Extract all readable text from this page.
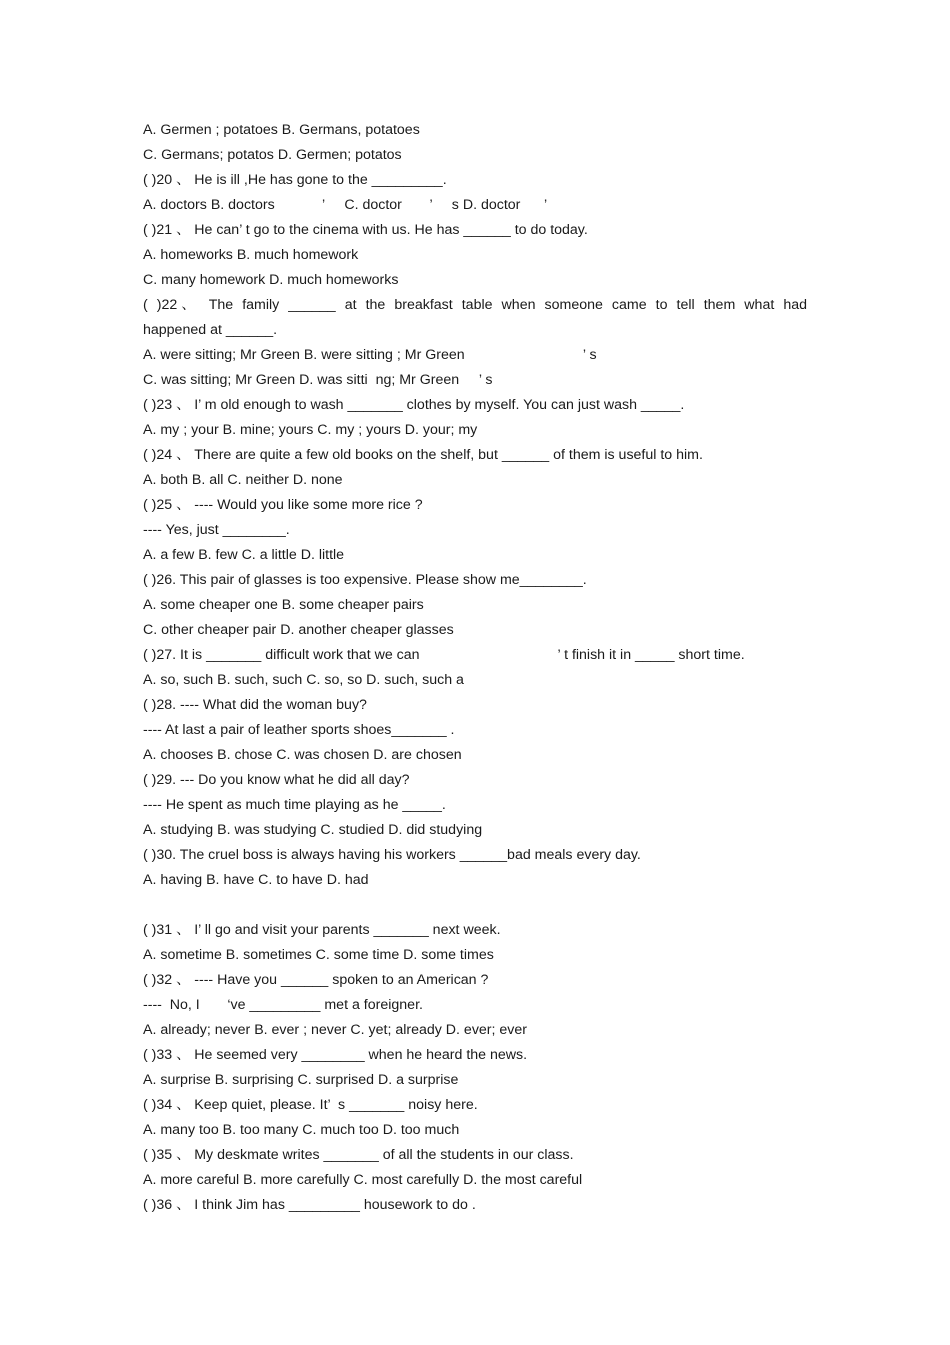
A. Germen ; potatoes B. Germans, potatoes
C. Germans; potatos D. Germen; potatos
( )20 、 He is ill ,He has gone to the _________.
A. doctors B. doctors            ’     C. doctor       ’     s D. doctor      ’
( )21 、 He can’ t go to the cinema with us. He has ______ to do today.
A. homeworks B. much homework
C. many homework D. much homeworks
( )22、 The family ______ at the breakfast table when someone came to tell them what had
happened at ______.
A. were sitting; Mr Green B. were sitting ; Mr Green                              ’ s
C. was sitting; Mr Green D. was sitti  ng; Mr Green     ’ s
( )23 、 I’ m old enough to wash _______ clothes by myself. You can just wash _____.
A. my ; your B. mine; yours C. my ; yours D. your; my
( )24 、 There are quite a few old books on the shelf, but ______ of them is useful to him.
A. both B. all C. neither D. none
( )25 、 ---- Would you like some more rice ?
---- Yes, just ________.
A. a few B. few C. a little D. little
( )26. This pair of glasses is too expensive. Please show me________.
A. some cheaper one B. some cheaper pairs
C. other cheaper pair D. another cheaper glasses
( )27. It is _______ difficult work that we can                                   ’ t finish it in _____ short time.
A. so, such B. such, such C. so, so D. such, such a
( )28. ---- What did the woman buy?
---- At last a pair of leather sports shoes_______ .
A. chooses B. chose C. was chosen D. are chosen
( )29. --- Do you know what he did all day?
---- He spent as much time playing as he _____.
A. studying B. was studying C. studied D. did studying
( )30. The cruel boss is always having his workers ______bad meals every day.
A. having B. have C. to have D. had
( )31 、 I’ ll go and visit your parents _______ next week.
A. sometime B. sometimes C. some time D. some times
( )32 、 ---- Have you ______ spoken to an American ?
----  No, I       ‘ve _________ met a foreigner.
A. already; never B. ever ; never C. yet; already D. ever; ever
( )33 、 He seemed very ________ when he heard the news.
A. surprise B. surprising C. surprised D. a surprise
( )34 、 Keep quiet, please. It’  s _______ noisy here.
A. many too B. too many C. much too D. too much
( )35 、 My deskmate writes _______ of all the students in our class.
A. more careful B. more carefully C. most carefully D. the most careful
( )36 、 I think Jim has _________ housework to do .
